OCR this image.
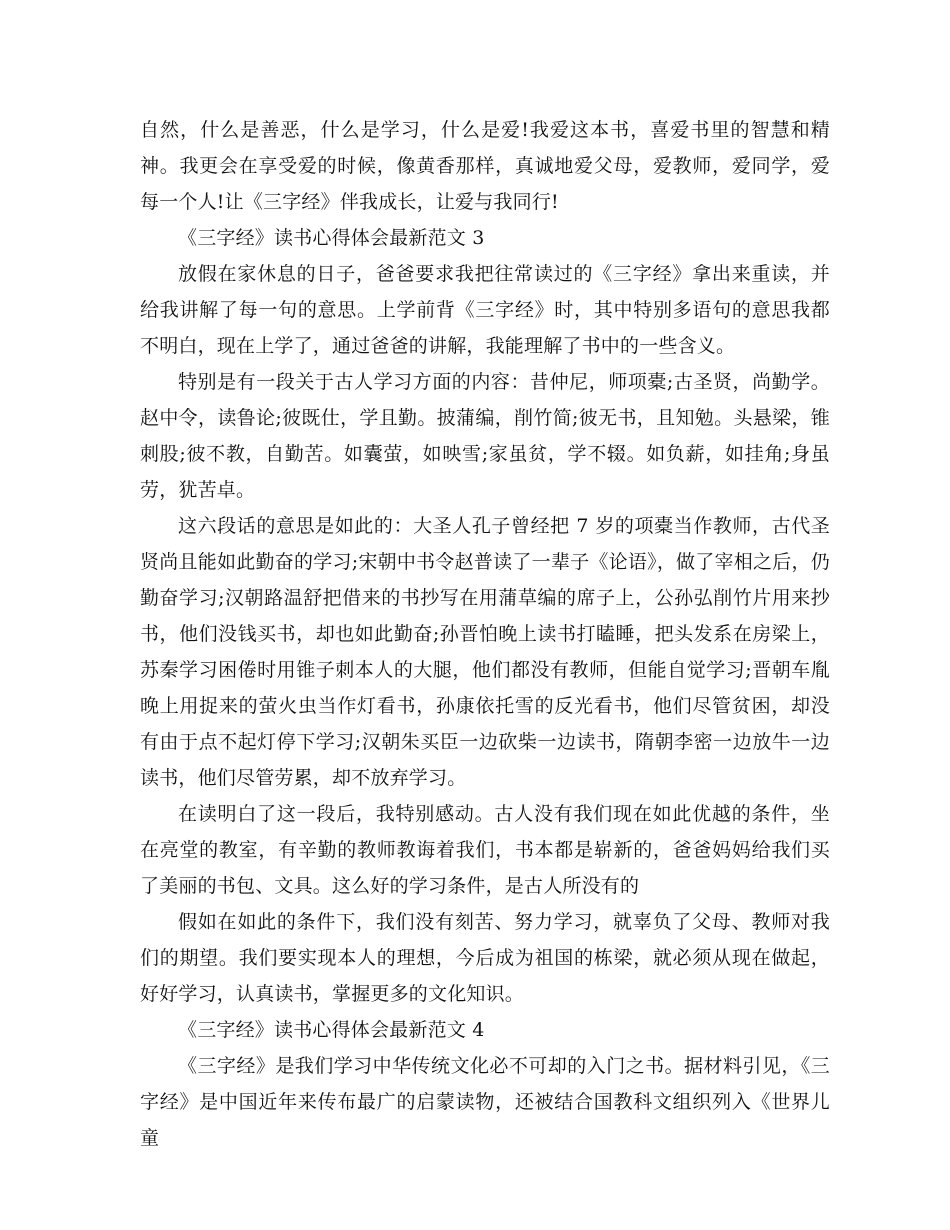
自然，什么是善恶，什么是学习，什么是爱!我爱这本书，喜爱书里的智慧和精神。我更会在享受爱的时候，像黄香那样，真诚地爱父母，爱教师，爱同学，爱每一个人!让《三字经》伴我成长，让爱与我同行!

《三字经》读书心得体会最新范文 3

放假在家休息的日子，爸爸要求我把往常读过的《三字经》拿出来重读，并给我讲解了每一句的意思。上学前背《三字经》时，其中特别多语句的意思我都不明白，现在上学了，通过爸爸的讲解，我能理解了书中的一些含义。

特别是有一段关于古人学习方面的内容：昔仲尼，师项橐;古圣贤，尚勤学。赵中令，读鲁论;彼既仕，学且勤。披蒲编，削竹简;彼无书，且知勉。头悬梁，锥刺股;彼不教，自勤苦。如囊萤，如映雪;家虽贫，学不辍。如负薪，如挂角;身虽劳，犹苦卓。

这六段话的意思是如此的：大圣人孔子曾经把 7 岁的项橐当作教师，古代圣贤尚且能如此勤奋的学习;宋朝中书令赵普读了一辈子《论语》，做了宰相之后，仍勤奋学习;汉朝路温舒把借来的书抄写在用蒲草编的席子上，公孙弘削竹片用来抄书，他们没钱买书，却也如此勤奋;孙晋怕晚上读书打瞌睡，把头发系在房梁上，苏秦学习困倦时用锥子刺本人的大腿，他们都没有教师，但能自觉学习;晋朝车胤晚上用捉来的萤火虫当作灯看书，孙康依托雪的反光看书，他们尽管贫困，却没有由于点不起灯停下学习;汉朝朱买臣一边砍柴一边读书，隋朝李密一边放牛一边读书，他们尽管劳累，却不放弃学习。

在读明白了这一段后，我特别感动。古人没有我们现在如此优越的条件，坐在亮堂的教室，有辛勤的教师教诲着我们，书本都是崭新的，爸爸妈妈给我们买了美丽的书包、文具。这么好的学习条件，是古人所没有的

假如在如此的条件下，我们没有刻苦、努力学习，就辜负了父母、教师对我们的期望。我们要实现本人的理想，今后成为祖国的栋梁，就必须从现在做起，好好学习，认真读书，掌握更多的文化知识。

《三字经》读书心得体会最新范文 4

《三字经》是我们学习中华传统文化必不可却的入门之书。据材料引见，《三字经》是中国近年来传布最广的启蒙读物，还被结合国教科文组织列入《世界儿童
